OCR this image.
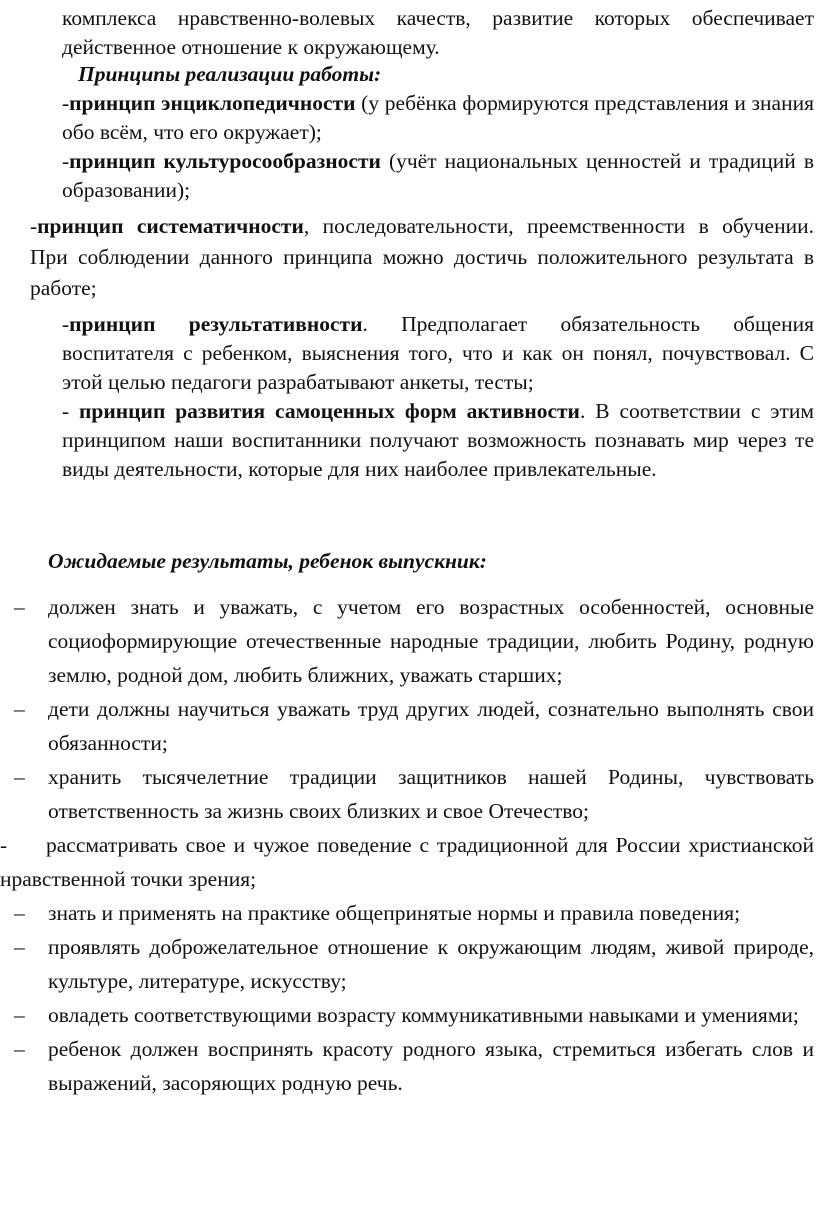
комплекса нравственно-волевых качеств, развитие которых обеспечивает действенное отношение к окружающему.

Принципы реализации работы:

-принцип энциклопедичности (у ребёнка формируются представления и знания обо всём, что его окружает);

-принцип культуросообразности (учёт национальных ценностей и традиций в образовании);

-принцип систематичности, последовательности, преемственности в обучении. При соблюдении данного принципа можно достичь положительного результата в работе;

-принцип результативности. Предполагает обязательность общения воспитателя с ребенком, выяснения того, что и как он понял, почувствовал. С этой целью педагоги разрабатывают анкеты, тесты;

- принцип развития самоценных форм активности. В соответствии с этим принципом наши воспитанники получают возможность познавать мир через те виды деятельности, которые для них наиболее привлекательные.

Ожидаемые результаты, ребенок выпускник:

– должен знать и уважать, с учетом его возрастных особенностей, основные социоформирующие отечественные народные традиции, любить Родину, родную землю, родной дом, любить ближних, уважать старших;
– дети должны научиться уважать труд других людей, сознательно выполнять свои обязанности;
– хранить тысячелетние традиции защитников нашей Родины, чувствовать ответственность за жизнь своих близких и свое Отечество;
- рассматривать свое и чужое поведение с традиционной для России христианской нравственной точки зрения;
– знать и применять на практике общепринятые нормы и правила поведения;
– проявлять доброжелательное отношение к окружающим людям, живой природе, культуре, литературе, искусству;
– овладеть соответствующими возрасту коммуникативными навыками и умениями;
– ребенок должен воспринять красоту родного языка, стремиться избегать слов и выражений, засоряющих родную речь.
